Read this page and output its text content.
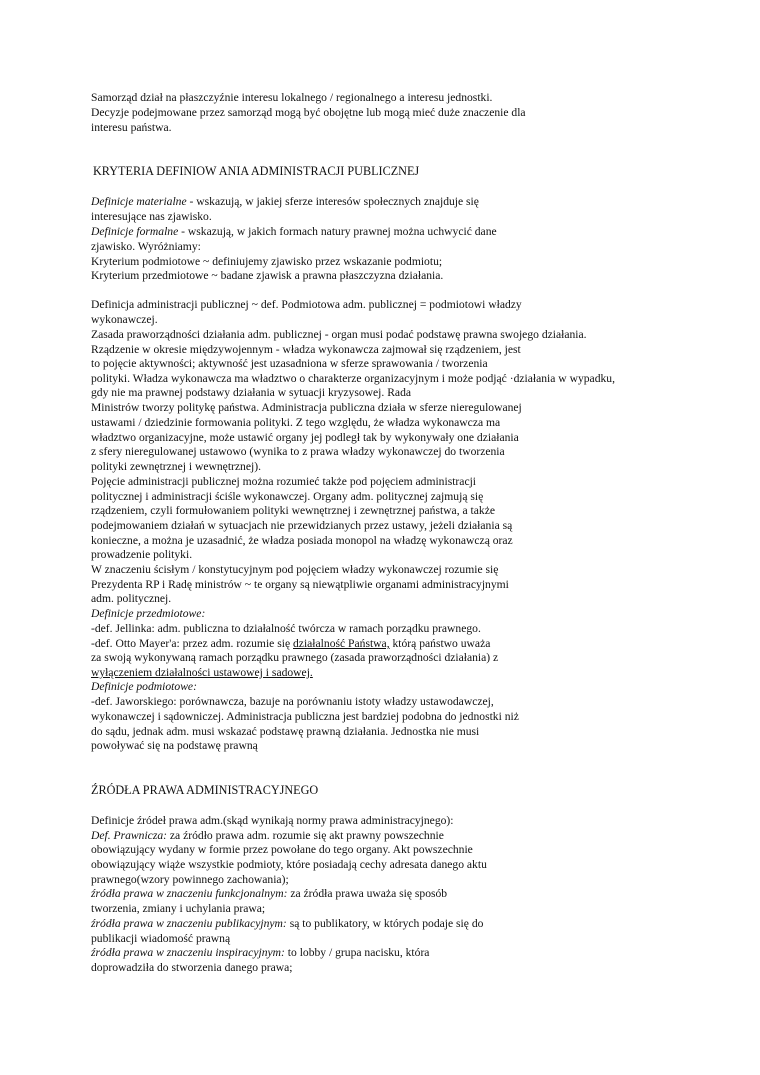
Samorząd dział na płaszczyźnie interesu lokalnego / regionalnego a interesu jednostki.
Decyzje podejmowane przez samorząd mogą być obojętne lub mogą mieć duże znaczenie dla
interesu państwa.
KRYTERIA DEFINIOW ANIA ADMINISTRACJI PUBLICZNEJ
Definicje materialne - wskazują, w jakiej sferze interesów społecznych znajduje się
interesujące nas zjawisko.
Definicje formalne - wskazują, w jakich formach natury prawnej można uchwycić dane
zjawisko. Wyróżniamy:
Kryterium podmiotowe ~ definiujemy zjawisko przez wskazanie podmiotu;
Kryterium przedmiotowe ~ badane zjawisk a prawna płaszczyzna działania.
Definicja administracji publicznej ~ def. Podmiotowa adm. publicznej = podmiotowi władzy
wykonawczej.
Zasada praworządności działania adm. publicznej - organ musi podać podstawę prawna swojego działania.
Rządzenie w okresie międzywojennym - władza wykonawcza zajmował się rządzeniem, jest
to pojęcie aktywności; aktywność jest uzasadniona w sferze sprawowania / tworzenia
polityki. Władza wykonawcza ma władztwo o charakterze organizacyjnym i może podjąć ·działania w wypadku,
gdy nie ma prawnej podstawy działania w sytuacji kryzysowej. Rada
Ministrów tworzy politykę państwa. Administracja publiczna działa w sferze nieregulowanej
ustawami / dziedzinie formowania polityki. Z tego względu, że władza wykonawcza ma
władztwo organizacyjne, może ustawić organy jej podległ tak by wykonywały one działania
z sfery nieregulowanej ustawowo (wynika to z prawa władzy wykonawczej do tworzenia
polityki zewnętrznej i wewnętrznej).
Pojęcie administracji publicznej można rozumieć także pod pojęciem administracji
politycznej i administracji ściśle wykonawczej. Organy adm. politycznej zajmują się
rządzeniem, czyli formułowaniem polityki wewnętrznej i zewnętrznej państwa, a także
podejmowaniem działań w sytuacjach nie przewidzianych przez ustawy, jeżeli działania są
konieczne, a można je uzasadnić, że władza posiada monopol na władzę wykonawczą oraz
prowadzenie polityki.
W znaczeniu ścisłym / konstytucyjnym pod pojęciem władzy wykonawczej rozumie się
Prezydenta RP i Radę ministrów ~ te organy są niewątpliwie organami administracyjnymi
adm. politycznej.
Definicje przedmiotowe:
-def. Jellinka: adm. publiczna to działalność twórcza w ramach porządku prawnego.
-def. Otto Mayer'a: przez adm. rozumie się działalność Państwa, którą państwo uważa
za swoją wykonywaną ramach porządku prawnego (zasada praworządności działania) z
wyłączeniem działalności ustawowej i sadowej.
Definicje podmiotowe:
-def. Jaworskiego: porównawcza, bazuje na porównaniu istoty władzy ustawodawczej,
wykonawczej i sądowniczej. Administracja publiczna jest bardziej podobna do jednostki niż
do sądu, jednak adm. musi wskazać podstawę prawną działania. Jednostka nie musi
powoływać się na podstawę prawną
ŹRÓDŁA PRAWA ADMINISTRACYJNEGO
Definicje źródeł prawa adm.(skąd wynikają normy prawa administracyjnego):
Def. Prawnicza: za źródło prawa adm. rozumie się akt prawny powszechnie
obowiązujący wydany w formie przez powołane do tego organy. Akt powszechnie
obowiązujący wiąże wszystkie podmioty, które posiadają cechy adresata danego aktu
prawnego(wzory powinnego zachowania);
źródła prawa w znaczeniu funkcjonalnym: za źródła prawa uważa się sposób
tworzenia, zmiany i uchylania prawa;
źródła prawa w znaczeniu publikacyjnym: są to publikatory, w których podaje się do
publikacji wiadomość prawną
źródła prawa w znaczeniu inspiracyjnym: to lobby / grupa nacisku, która
doprowadziła do stworzenia danego prawa;
